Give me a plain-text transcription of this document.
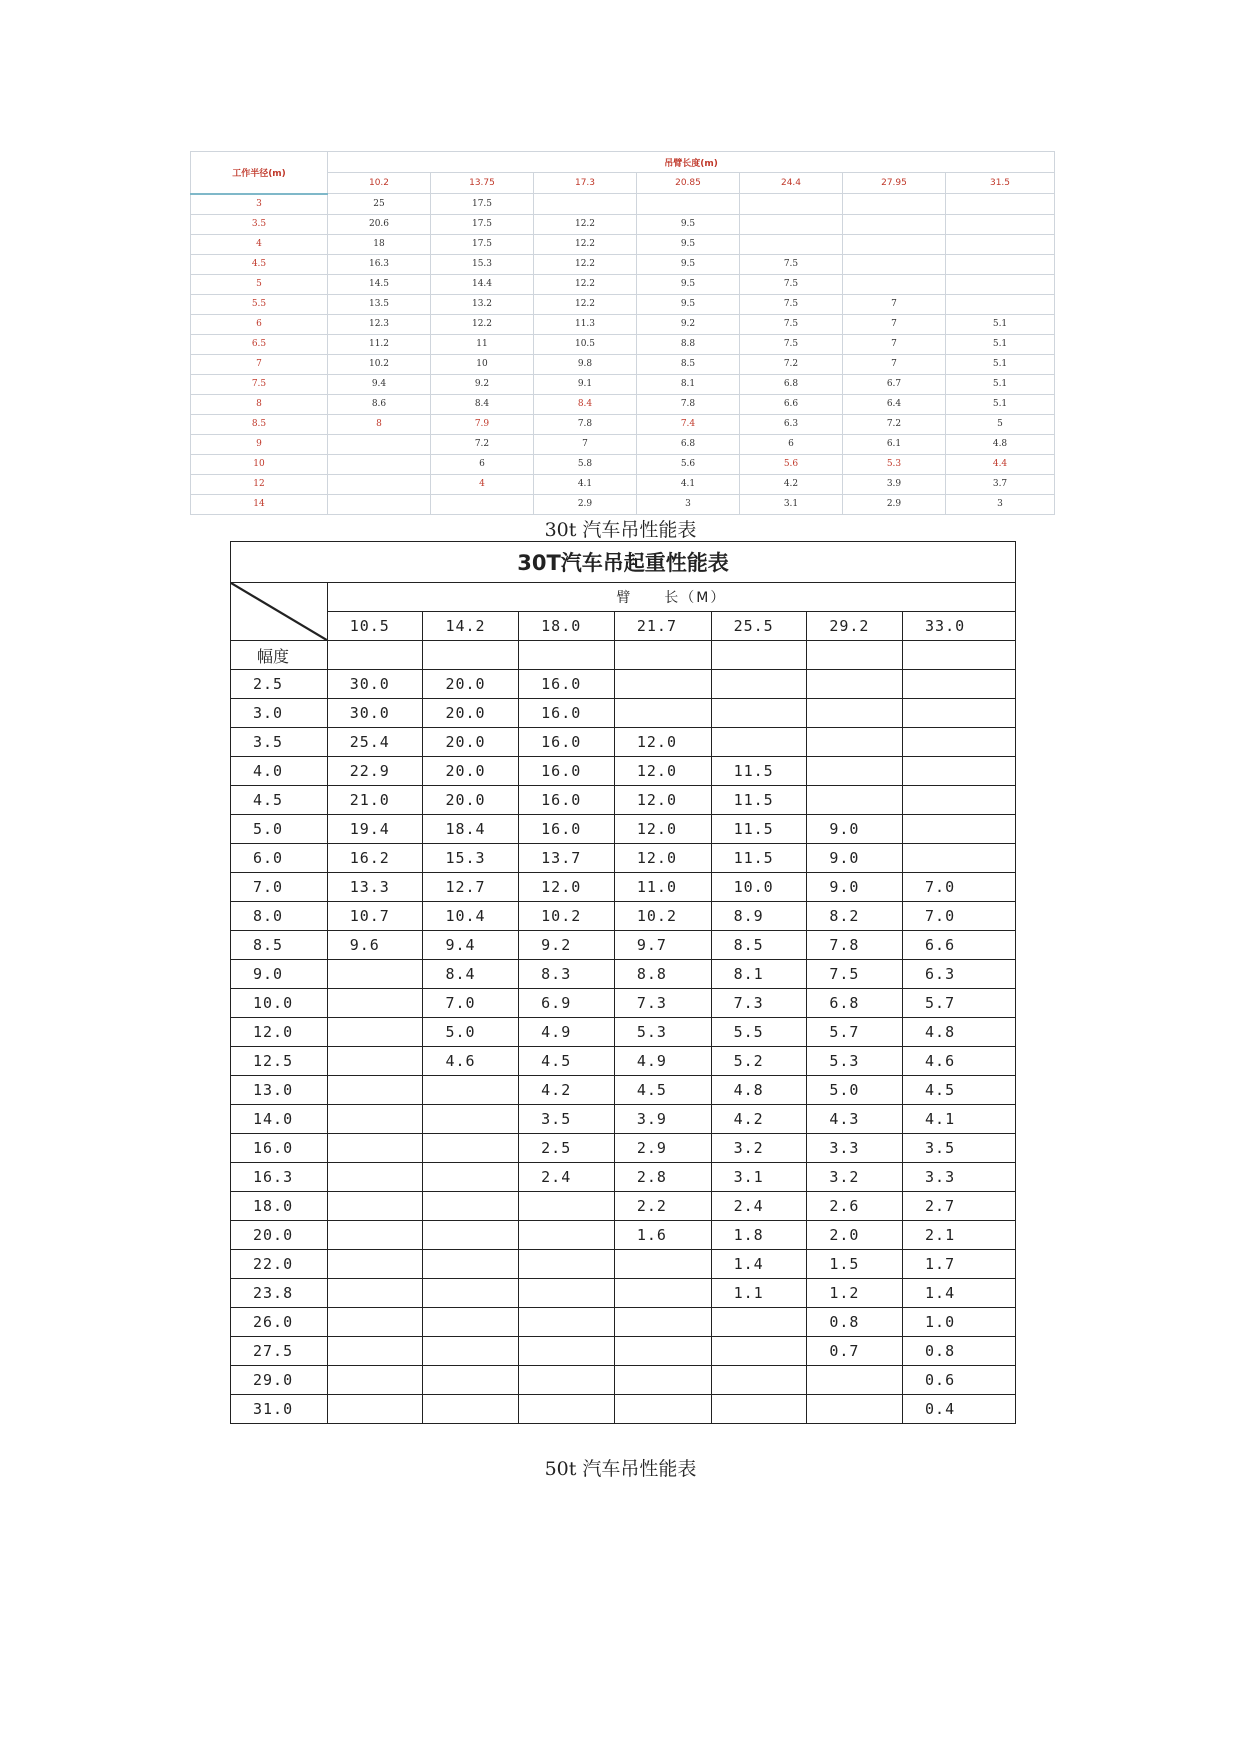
工作半径(m)	吊臂长度(m)						
	10.2	13.75	17.3	20.85	24.4	27.95	31.5
3	25	17.5					
3.5	20.6	17.5	12.2	9.5			
4	18	17.5	12.2	9.5			
4.5	16.3	15.3	12.2	9.5	7.5		
5	14.5	14.4	12.2	9.5	7.5		
5.5	13.5	13.2	12.2	9.5	7.5	7	
6	12.3	12.2	11.3	9.2	7.5	7	5.1
6.5	11.2	11	10.5	8.8	7.5	7	5.1
7	10.2	10	9.8	8.5	7.2	7	5.1
7.5	9.4	9.2	9.1	8.1	6.8	6.7	5.1
8	8.6	8.4	8.4	7.8	6.6	6.4	5.1
8.5	8	7.9	7.8	7.4	6.3	7.2	5
9		7.2	7	6.8	6	6.1	4.8
10		6	5.8	5.6	5.6	5.3	4.4
12		4	4.1	4.1	4.2	3.9	3.7
14			2.9	3	3.1	2.9	3
30t 汽车吊性能表
30T汽车吊起重性能表							

	臂　　长（M）						
	10.5	14.2	18.0	21.7	25.5	29.2	33.0
幅度							
2.5	30.0	20.0	16.0				
3.0	30.0	20.0	16.0				
3.5	25.4	20.0	16.0	12.0			
4.0	22.9	20.0	16.0	12.0	11.5		
4.5	21.0	20.0	16.0	12.0	11.5		
5.0	19.4	18.4	16.0	12.0	11.5	9.0	
6.0	16.2	15.3	13.7	12.0	11.5	9.0	
7.0	13.3	12.7	12.0	11.0	10.0	9.0	7.0
8.0	10.7	10.4	10.2	10.2	8.9	8.2	7.0
8.5	9.6	9.4	9.2	9.7	8.5	7.8	6.6
9.0		8.4	8.3	8.8	8.1	7.5	6.3
10.0		7.0	6.9	7.3	7.3	6.8	5.7
12.0		5.0	4.9	5.3	5.5	5.7	4.8
12.5		4.6	4.5	4.9	5.2	5.3	4.6
13.0			4.2	4.5	4.8	5.0	4.5
14.0			3.5	3.9	4.2	4.3	4.1
16.0			2.5	2.9	3.2	3.3	3.5
16.3			2.4	2.8	3.1	3.2	3.3
18.0				2.2	2.4	2.6	2.7
20.0				1.6	1.8	2.0	2.1
22.0					1.4	1.5	1.7
23.8					1.1	1.2	1.4
26.0						0.8	1.0
27.5						0.7	0.8
29.0							0.6
31.0							0.4
50t 汽车吊性能表
